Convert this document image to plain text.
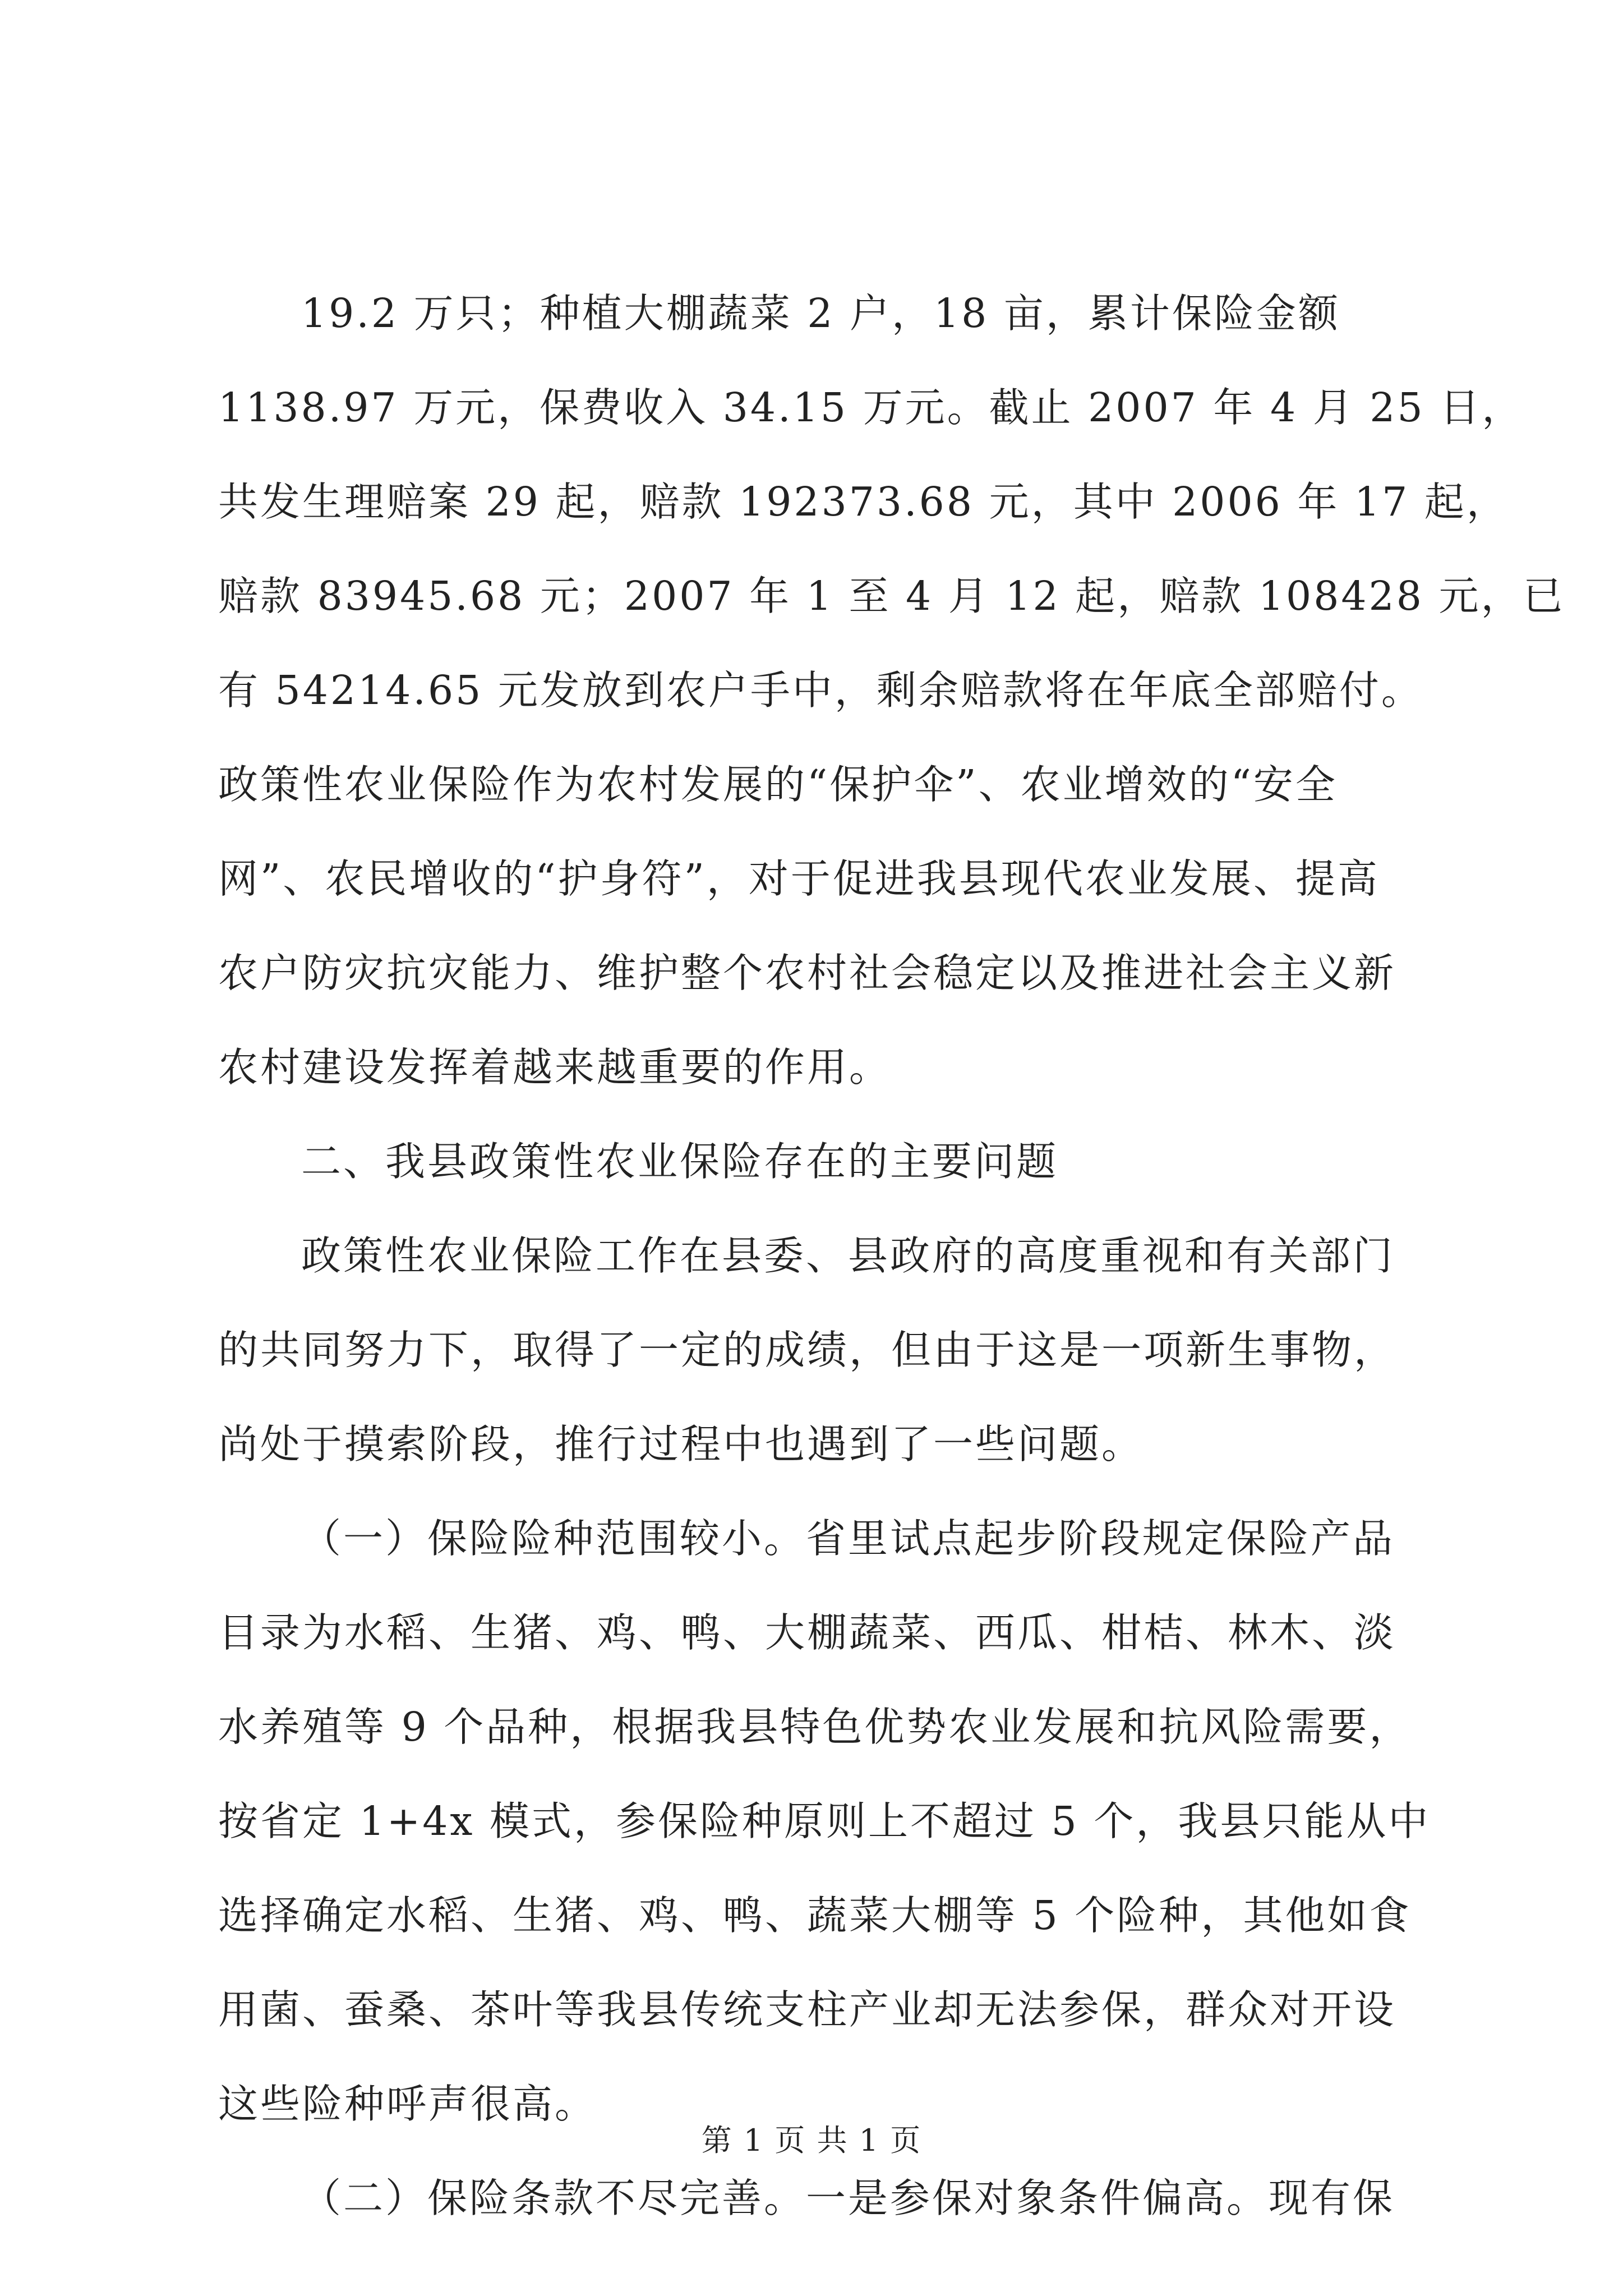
19.2 万只；种植大棚蔬菜 2 户，18 亩，累计保险金额
1138.97 万元，保费收入 34.15 万元。截止 2007 年 4 月 25 日，
共发生理赔案 29 起，赔款 192373.68 元，其中 2006 年 17 起，
赔款 83945.68 元；2007 年 1 至 4 月 12 起，赔款 108428 元，已
有 54214.65 元发放到农户手中，剩余赔款将在年底全部赔付。
政策性农业保险作为农村发展的“保护伞”、农业增效的“安全
网”、农民增收的“护身符”，对于促进我县现代农业发展、提高
农户防灾抗灾能力、维护整个农村社会稳定以及推进社会主义新
农村建设发挥着越来越重要的作用。
二、我县政策性农业保险存在的主要问题
政策性农业保险工作在县委、县政府的高度重视和有关部门
的共同努力下，取得了一定的成绩，但由于这是一项新生事物，
尚处于摸索阶段，推行过程中也遇到了一些问题。
（一）保险险种范围较小。省里试点起步阶段规定保险产品
目录为水稻、生猪、鸡、鸭、大棚蔬菜、西瓜、柑桔、林木、淡
水养殖等 9 个品种，根据我县特色优势农业发展和抗风险需要，
按省定 1+4x 模式，参保险种原则上不超过 5 个，我县只能从中
选择确定水稻、生猪、鸡、鸭、蔬菜大棚等 5 个险种，其他如食
用菌、蚕桑、茶叶等我县传统支柱产业却无法参保，群众对开设
这些险种呼声很高。
（二）保险条款不尽完善。一是参保对象条件偏高。现有保
第 1 页 共 1 页
